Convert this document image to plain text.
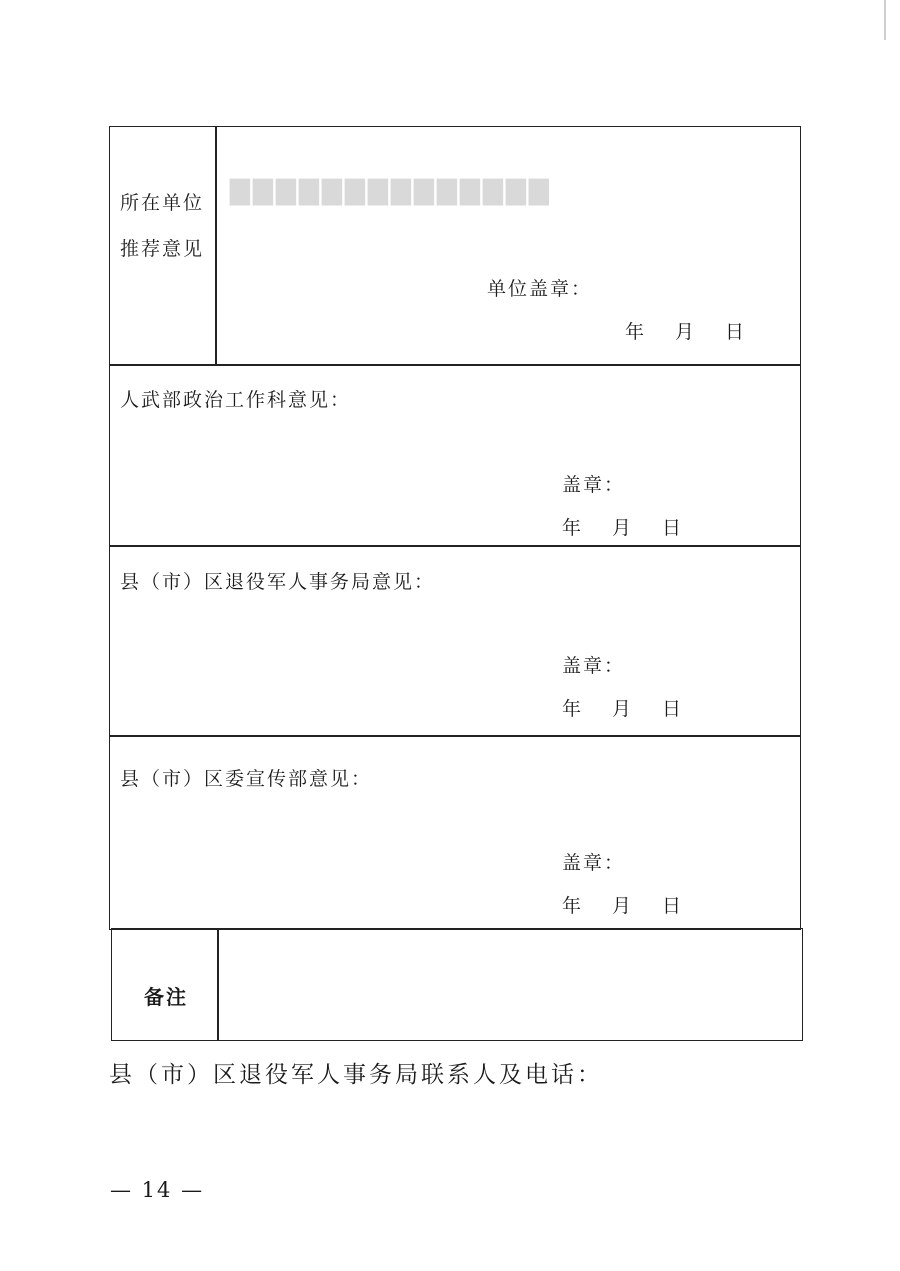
▇▇▇▇▇▇▇▇▇▇▇▇▇▇
所在单位
推荐意见
单位盖章：
年　月　日
人武部政治工作科意见：
盖章：
年　月　日
县（市）区退役军人事务局意见：
盖章：
年　月　日
县（市）区委宣传部意见：
盖章：
年　月　日
备注
县（市）区退役军人事务局联系人及电话：
— 14 —
